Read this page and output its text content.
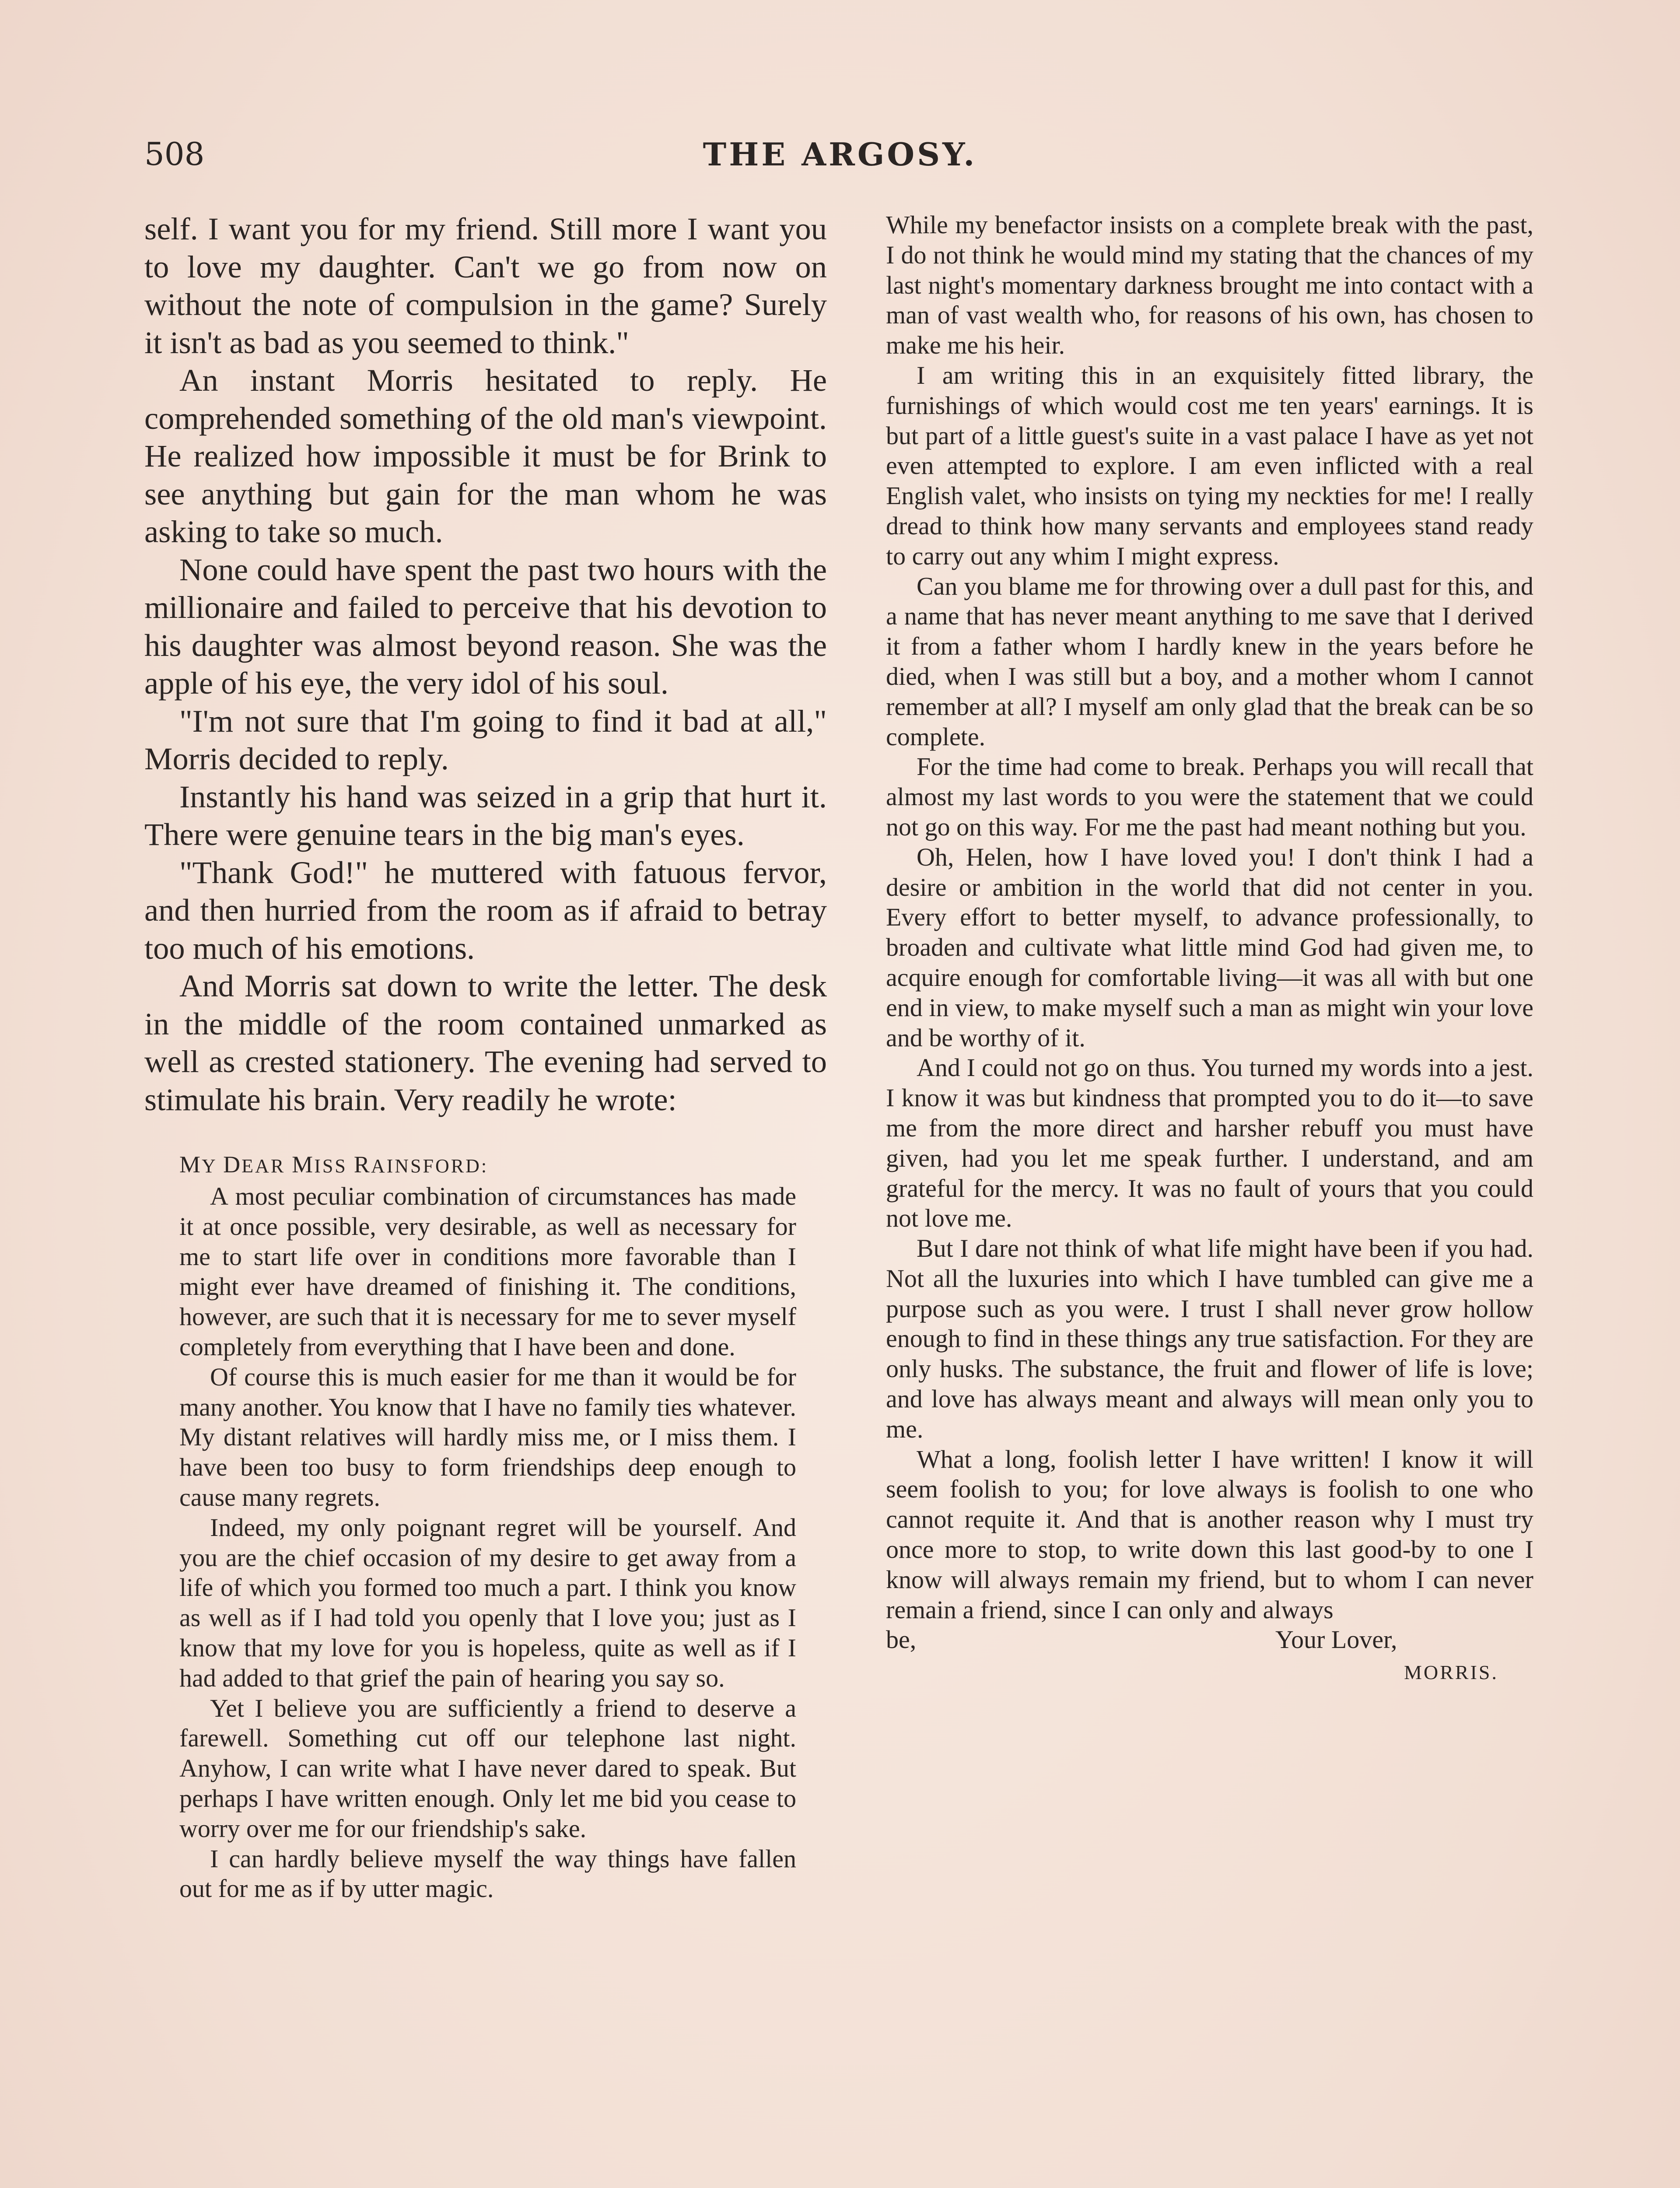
508	THE ARGOSY.

self. I want you for my friend. Still more I want you to love my daughter. Can't we go from now on without the note of compulsion in the game? Surely it isn't as bad as you seemed to think."

An instant Morris hesitated to reply. He comprehended something of the old man's viewpoint. He realized how impossible it must be for Brink to see anything but gain for the man whom he was asking to take so much.

None could have spent the past two hours with the millionaire and failed to perceive that his devotion to his daughter was almost beyond reason. She was the apple of his eye, the very idol of his soul.

"I'm not sure that I'm going to find it bad at all," Morris decided to reply.

Instantly his hand was seized in a grip that hurt it. There were genuine tears in the big man's eyes.

"Thank God!" he muttered with fatuous fervor, and then hurried from the room as if afraid to betray too much of his emotions.

And Morris sat down to write the letter. The desk in the middle of the room contained unmarked as well as crested stationery. The evening had served to stimulate his brain. Very readily he wrote:

MY DEAR MISS RAINSFORD:

A most peculiar combination of circumstances has made it at once possible, very desirable, as well as necessary for me to start life over in conditions more favorable than I might ever have dreamed of finishing it. The conditions, however, are such that it is necessary for me to sever myself completely from everything that I have been and done.

Of course this is much easier for me than it would be for many another. You know that I have no family ties whatever. My distant relatives will hardly miss me, or I miss them. I have been too busy to form friendships deep enough to cause many regrets.

Indeed, my only poignant regret will be yourself. And you are the chief occasion of my desire to get away from a life of which you formed too much a part. I think you know as well as if I had told you openly that I love you; just as I know that my love for you is hopeless, quite as well as if I had added to that grief the pain of hearing you say so.

Yet I believe you are sufficiently a friend to deserve a farewell. Something cut off our telephone last night. Anyhow, I can write what I have never dared to speak. But perhaps I have written enough. Only let me bid you cease to worry over me for our friendship's sake.

I can hardly believe myself the way things have fallen out for me as if by utter magic.

While my benefactor insists on a complete break with the past, I do not think he would mind my stating that the chances of my last night's momentary darkness brought me into contact with a man of vast wealth who, for reasons of his own, has chosen to make me his heir.

I am writing this in an exquisitely fitted library, the furnishings of which would cost me ten years' earnings. It is but part of a little guest's suite in a vast palace I have as yet not even attempted to explore. I am even inflicted with a real English valet, who insists on tying my neckties for me! I really dread to think how many servants and employees stand ready to carry out any whim I might express.

Can you blame me for throwing over a dull past for this, and a name that has never meant anything to me save that I derived it from a father whom I hardly knew in the years before he died, when I was still but a boy, and a mother whom I cannot remember at all? I myself am only glad that the break can be so complete.

For the time had come to break. Perhaps you will recall that almost my last words to you were the statement that we could not go on this way. For me the past had meant nothing but you.

Oh, Helen, how I have loved you! I don't think I had a desire or ambition in the world that did not center in you. Every effort to better myself, to advance professionally, to broaden and cultivate what little mind God had given me, to acquire enough for comfortable living—it was all with but one end in view, to make myself such a man as might win your love and be worthy of it.

And I could not go on thus. You turned my words into a jest. I know it was but kindness that prompted you to do it—to save me from the more direct and harsher rebuff you must have given, had you let me speak further. I understand, and am grateful for the mercy. It was no fault of yours that you could not love me.

But I dare not think of what life might have been if you had. Not all the luxuries into which I have tumbled can give me a purpose such as you were. I trust I shall never grow hollow enough to find in these things any true satisfaction. For they are only husks. The substance, the fruit and flower of life is love; and love has always meant and always will mean only you to me.

What a long, foolish letter I have written! I know it will seem foolish to you; for love always is foolish to one who cannot requite it. And that is another reason why I must try once more to stop, to write down this last good-by to one I know will always remain my friend, but to whom I can never remain a friend, since I can only and always

be,	Your Lover,

MORRIS.
